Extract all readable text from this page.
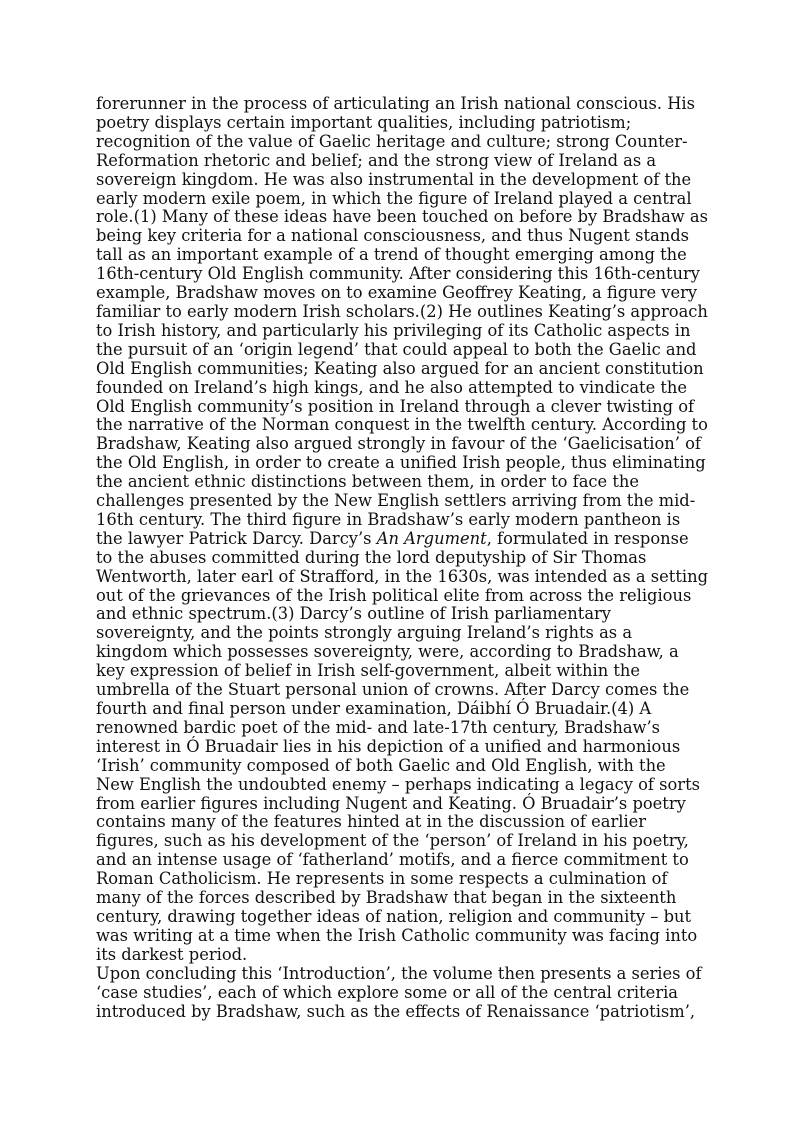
forerunner in the process of articulating an Irish national conscious. His poetry displays certain important qualities, including patriotism; recognition of the value of Gaelic heritage and culture; strong Counter-Reformation rhetoric and belief; and the strong view of Ireland as a sovereign kingdom. He was also instrumental in the development of the early modern exile poem, in which the figure of Ireland played a central role.(1) Many of these ideas have been touched on before by Bradshaw as being key criteria for a national consciousness, and thus Nugent stands tall as an important example of a trend of thought emerging among the 16th-century Old English community. After considering this 16th-century example, Bradshaw moves on to examine Geoffrey Keating, a figure very familiar to early modern Irish scholars.(2) He outlines Keating’s approach to Irish history, and particularly his privileging of its Catholic aspects in the pursuit of an ‘origin legend’ that could appeal to both the Gaelic and Old English communities; Keating also argued for an ancient constitution founded on Ireland’s high kings, and he also attempted to vindicate the Old English community’s position in Ireland through a clever twisting of the narrative of the Norman conquest in the twelfth century. According to Bradshaw, Keating also argued strongly in favour of the ‘Gaelicisation’ of the Old English, in order to create a unified Irish people, thus eliminating the ancient ethnic distinctions between them, in order to face the challenges presented by the New English settlers arriving from the mid-16th century. The third figure in Bradshaw’s early modern pantheon is the lawyer Patrick Darcy. Darcy’s An Argument, formulated in response to the abuses committed during the lord deputyship of Sir Thomas Wentworth, later earl of Strafford, in the 1630s, was intended as a setting out of the grievances of the Irish political elite from across the religious and ethnic spectrum.(3) Darcy’s outline of Irish parliamentary sovereignty, and the points strongly arguing Ireland’s rights as a kingdom which possesses sovereignty, were, according to Bradshaw, a key expression of belief in Irish self-government, albeit within the umbrella of the Stuart personal union of crowns. After Darcy comes the fourth and final person under examination, Dáibhí Ó Bruadair.(4) A renowned bardic poet of the mid- and late-17th century, Bradshaw’s interest in Ó Bruadair lies in his depiction of a unified and harmonious ‘Irish’ community composed of both Gaelic and Old English, with the New English the undoubted enemy – perhaps indicating a legacy of sorts from earlier figures including Nugent and Keating. Ó Bruadair’s poetry contains many of the features hinted at in the discussion of earlier figures, such as his development of the ‘person’ of Ireland in his poetry, and an intense usage of ‘fatherland’ motifs, and a fierce commitment to Roman Catholicism. He represents in some respects a culmination of many of the forces described by Bradshaw that began in the sixteenth century, drawing together ideas of nation, religion and community – but was writing at a time when the Irish Catholic community was facing into its darkest period.

Upon concluding this ‘Introduction’, the volume then presents a series of ‘case studies’, each of which explore some or all of the central criteria introduced by Bradshaw, such as the effects of Renaissance ‘patriotism’,
